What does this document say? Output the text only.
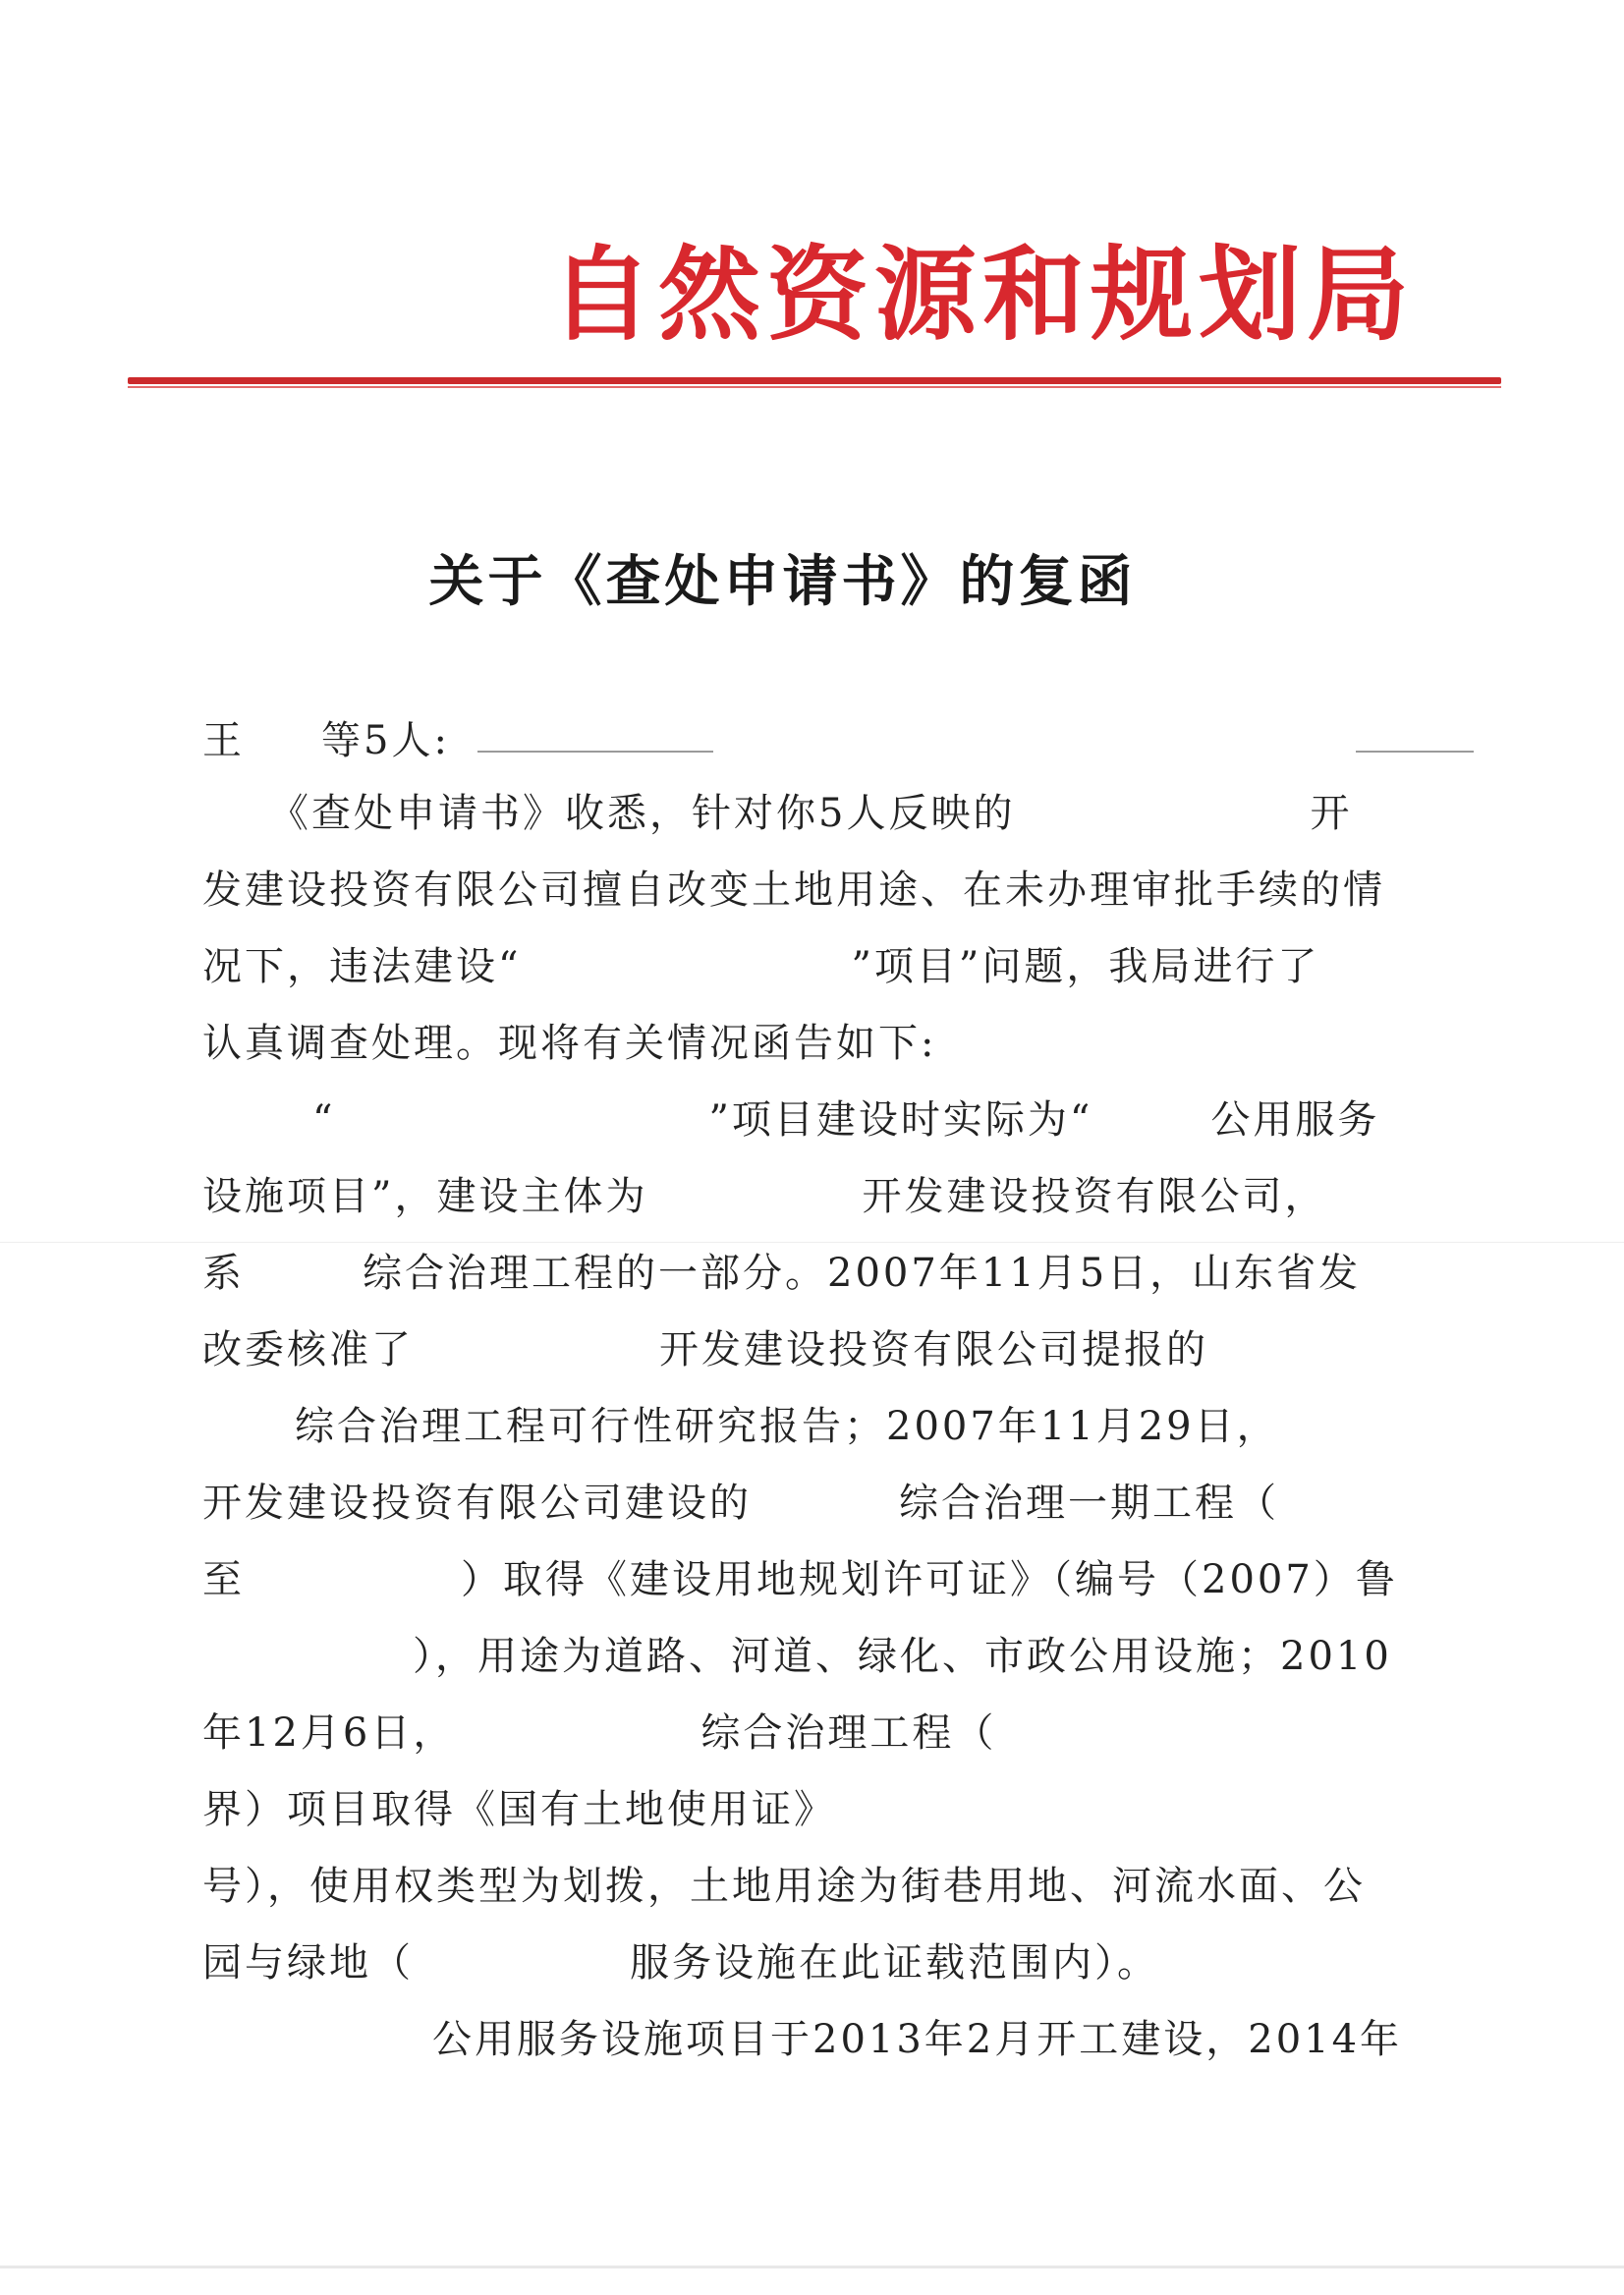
自然资源和规划局
关于《查处申请书》的复函
王 等5人:
《查处申请书》收悉，针对你5人反映的	开
发建设投资有限公司擅自改变土地用途、在未办理审批手续的情
况下，违法建设“	”项目”问题，我局进行了
认真调查处理。现将有关情况函告如下:
“	”项目建设时实际为“	公用服务
设施项目”，建设主体为	开发建设投资有限公司，
系	综合治理工程的一部分。2007年11月5日，山东省发
改委核准了	开发建设投资有限公司提报的
综合治理工程可行性研究报告；2007年11月29日，
开发建设投资有限公司建设的	综合治理一期工程（
至	）取得《建设用地规划许可证》（编号（2007）鲁
），用途为道路、河道、绿化、市政公用设施；2010
年12月6日，	综合治理工程（
界）项目取得《国有土地使用证》
号），使用权类型为划拨，土地用途为街巷用地、河流水面、公
园与绿地（	服务设施在此证载范围内）。
公用服务设施项目于2013年2月开工建设，2014年
